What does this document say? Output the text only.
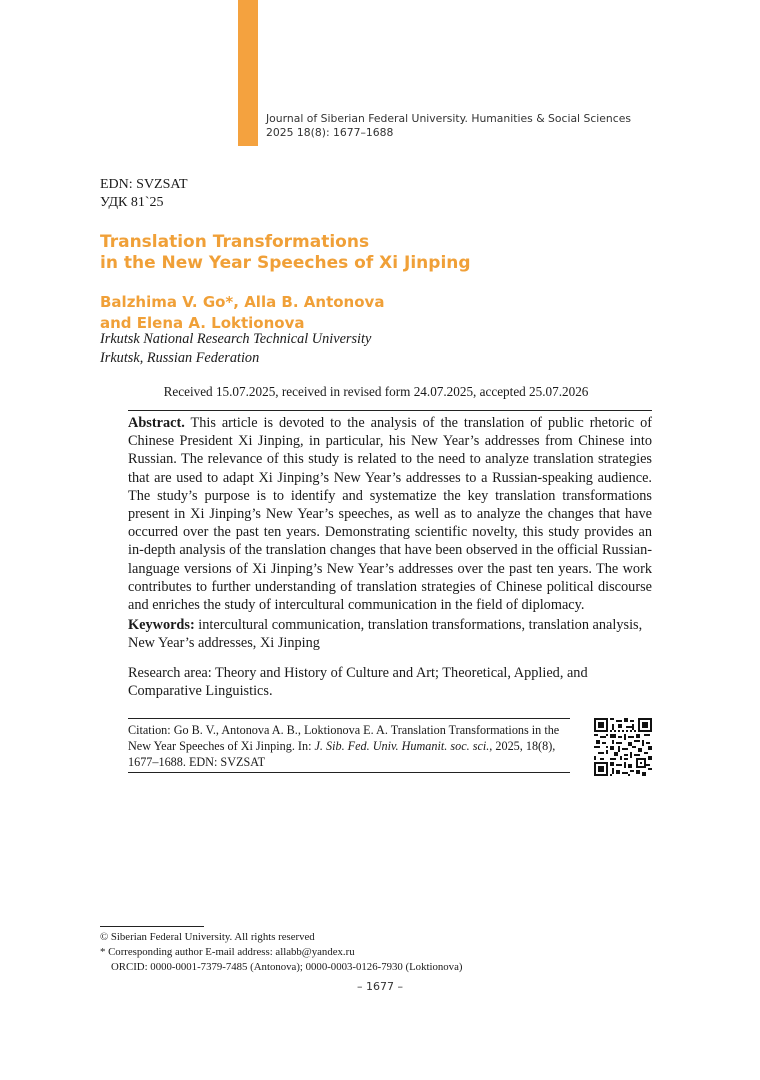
Journal of Siberian Federal University. Humanities & Social Sciences
2025 18(8): 1677–1688
EDN: SVZSAT
УДК 81`25
Translation Transformations
in the New Year Speeches of Xi Jinping
Balzhima V. Go*, Alla B. Antonova
and Elena A. Loktionova
Irkutsk National Research Technical University
Irkutsk, Russian Federation
Received 15.07.2025, received in revised form 24.07.2025, accepted 25.07.2026
Abstract. This article is devoted to the analysis of the translation of public rhetoric of Chinese President Xi Jinping, in particular, his New Year’s addresses from Chinese into Russian. The relevance of this study is related to the need to analyze translation strategies that are used to adapt Xi Jinping’s New Year’s addresses to a Russian-speaking audience. The study’s purpose is to identify and systematize the key translation transformations present in Xi Jinping’s New Year’s speeches, as well as to analyze the changes that have occurred over the past ten years. Demonstrating scientific novelty, this study provides an in-depth analysis of the translation changes that have been observed in the official Russian-language versions of Xi Jinping’s New Year’s addresses over the past ten years. The work contributes to further understanding of translation strategies of Chinese political discourse and enriches the study of intercultural communication in the field of diplomacy.
Keywords: intercultural communication, translation transformations, translation analysis, New Year’s addresses, Xi Jinping
Research area: Theory and History of Culture and Art; Theoretical, Applied, and Comparative Linguistics.
Citation: Go B. V., Antonova A. B., Loktionova E. A. Translation Transformations in the New Year Speeches of Xi Jinping. In: J. Sib. Fed. Univ. Humanit. soc. sci., 2025, 18(8), 1677–1688. EDN: SVZSAT
© Siberian Federal University. All rights reserved
* Corresponding author E-mail address: allabb@yandex.ru
ORCID: 0000-0001-7379-7485 (Antonova); 0000-0003-0126-7930 (Loktionova)
– 1677 –
